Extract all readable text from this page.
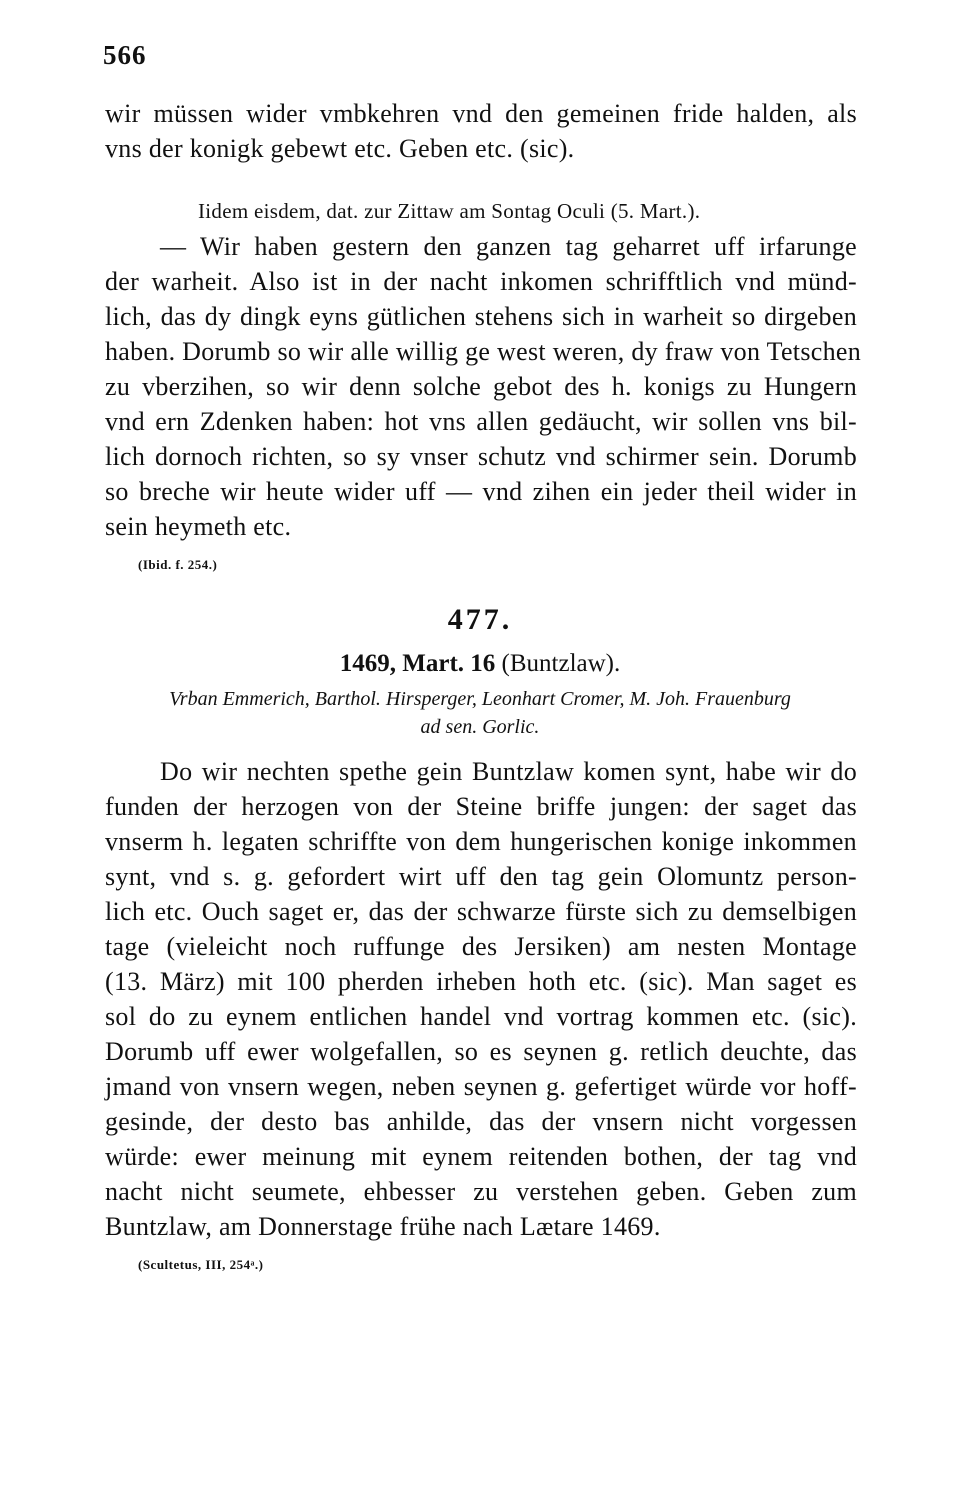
566
wir müssen wider vmbkehren vnd den gemeinen fride halden, als
vns der konigk gebewt etc. Geben etc. (sic).
Iidem eisdem, dat. zur Zittaw am Sontag Oculi (5. Mart.).
— Wir haben gestern den ganzen tag geharret uff irfarunge
der warheit. Also ist in der nacht inkomen schrifftlich vnd münd-
lich, das dy dingk eyns gütlichen stehens sich in warheit so dirgeben
haben. Dorumb so wir alle willig ge west weren, dy fraw von Tetschen
zu vberzihen, so wir denn solche gebot des h. konigs zu Hungern
vnd ern Zdenken haben: hot vns allen gedäucht, wir sollen vns bil-
lich dornoch richten, so sy vnser schutz vnd schirmer sein. Dorumb
so breche wir heute wider uff — vnd zihen ein jeder theil wider in
sein heymeth etc.
(Ibid. f. 254.)
477.
1469, Mart. 16 (Buntzlaw).
Vrban Emmerich, Barthol. Hirsperger, Leonhart Cromer, M. Joh. Frauenburg
ad sen. Gorlic.
Do wir nechten spethe gein Buntzlaw komen synt, habe wir do
funden der herzogen von der Steine briffe jungen: der saget das
vnserm h. legaten schriffte von dem hungerischen konige inkommen
synt, vnd s. g. gefordert wirt uff den tag gein Olomuntz person-
lich etc. Ouch saget er, das der schwarze fürste sich zu demselbigen
tage (vieleicht noch ruffunge des Jersiken) am nesten Montage
(13. März) mit 100 pherden irheben hoth etc. (sic). Man saget es
sol do zu eynem entlichen handel vnd vortrag kommen etc. (sic).
Dorumb uff ewer wolgefallen, so es seynen g. retlich deuchte, das
jmand von vnsern wegen, neben seynen g. gefertiget würde vor hoff-
gesinde, der desto bas anhilde, das der vnsern nicht vorgessen
würde: ewer meinung mit eynem reitenden bothen, der tag vnd
nacht nicht seumete, ehbesser zu verstehen geben. Geben zum
Buntzlaw, am Donnerstage frühe nach Lætare 1469.
(Scultetus, III, 254ᵃ.)
